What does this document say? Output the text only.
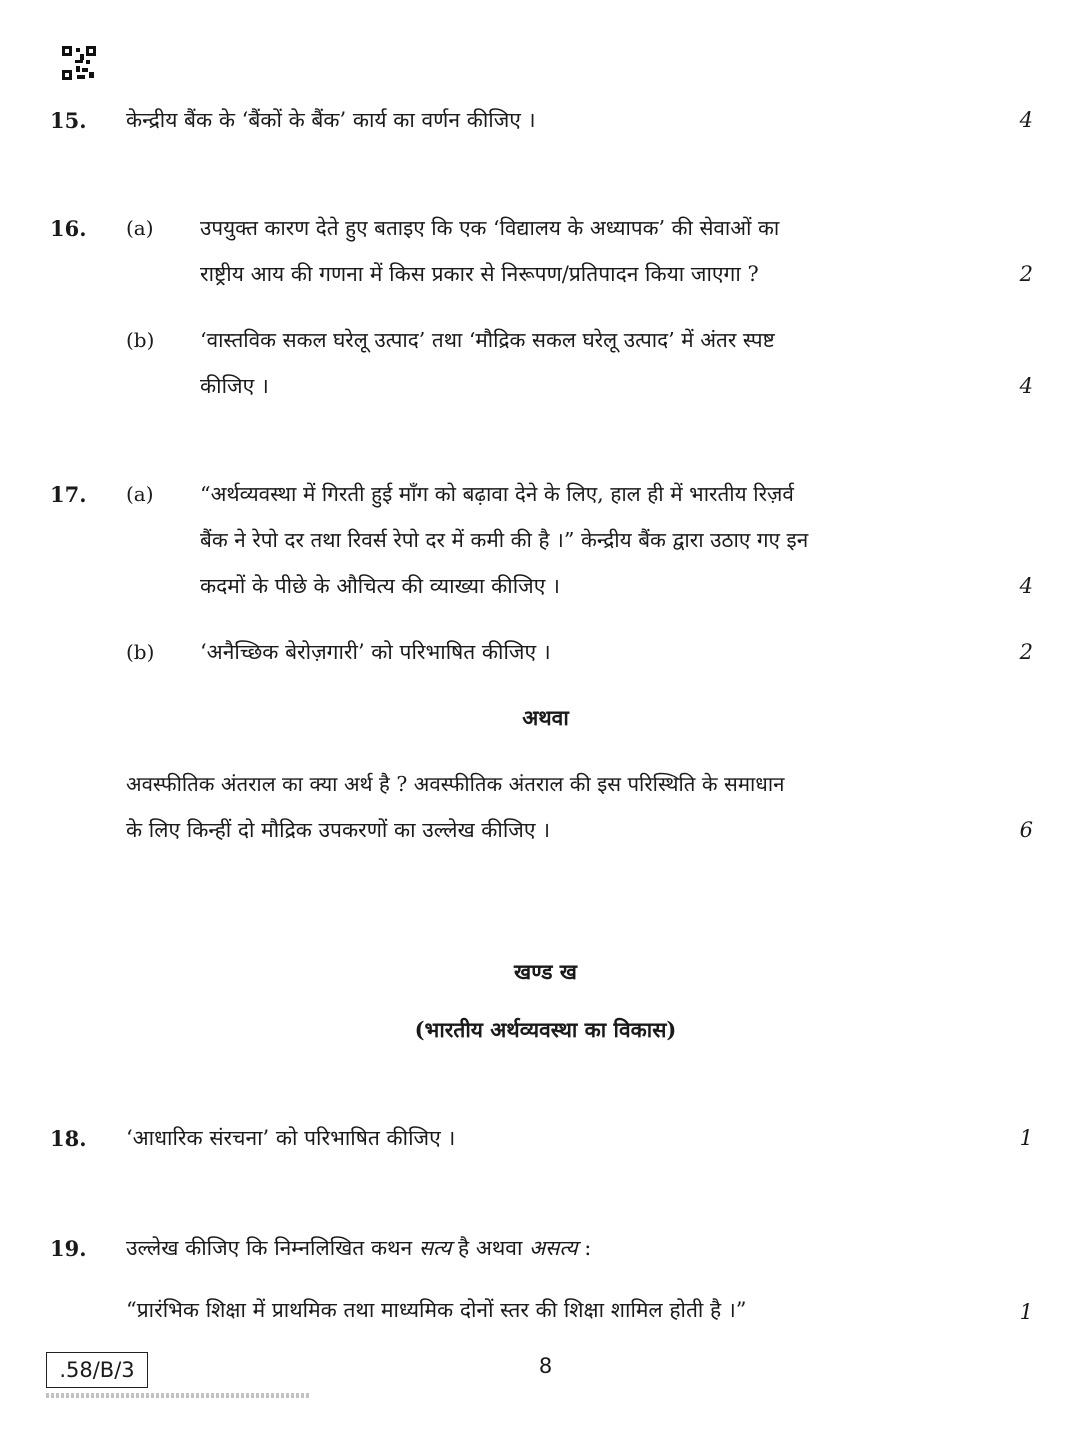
15. केन्द्रीय बैंक के ‘बैंकों के बैंक’ कार्य का वर्णन कीजिए ।	4
16. (a) उपयुक्त कारण देते हुए बताइए कि एक ‘विद्यालय के अध्यापक’ की सेवाओं का
राष्ट्रीय आय की गणना में किस प्रकार से निरूपण/प्रतिपादन किया जाएगा ?	2
(b) ‘वास्तविक सकल घरेलू उत्पाद’ तथा ‘मौद्रिक सकल घरेलू उत्पाद’ में अंतर स्पष्ट
कीजिए ।	4
17. (a) “अर्थव्यवस्था में गिरती हुई माँग को बढ़ावा देने के लिए, हाल ही में भारतीय रिज़र्व
बैंक ने रेपो दर तथा रिवर्स रेपो दर में कमी की है ।” केन्द्रीय बैंक द्वारा उठाए गए इन
कदमों के पीछे के औचित्य की व्याख्या कीजिए ।	4
(b) ‘अनैच्छिक बेरोज़गारी’ को परिभाषित कीजिए ।	2
अथवा
अवस्फीतिक अंतराल का क्या अर्थ है ? अवस्फीतिक अंतराल की इस परिस्थिति के समाधान
के लिए किन्हीं दो मौद्रिक उपकरणों का उल्लेख कीजिए ।	6
खण्ड ख
(भारतीय अर्थव्यवस्था का विकास)
18. ‘आधारिक संरचना’ को परिभाषित कीजिए ।	1
19. उल्लेख कीजिए कि निम्नलिखित कथन सत्य है अथवा असत्य :
“प्रारंभिक शिक्षा में प्राथमिक तथा माध्यमिक दोनों स्तर की शिक्षा शामिल होती है ।”	1
.58/B/3	8
